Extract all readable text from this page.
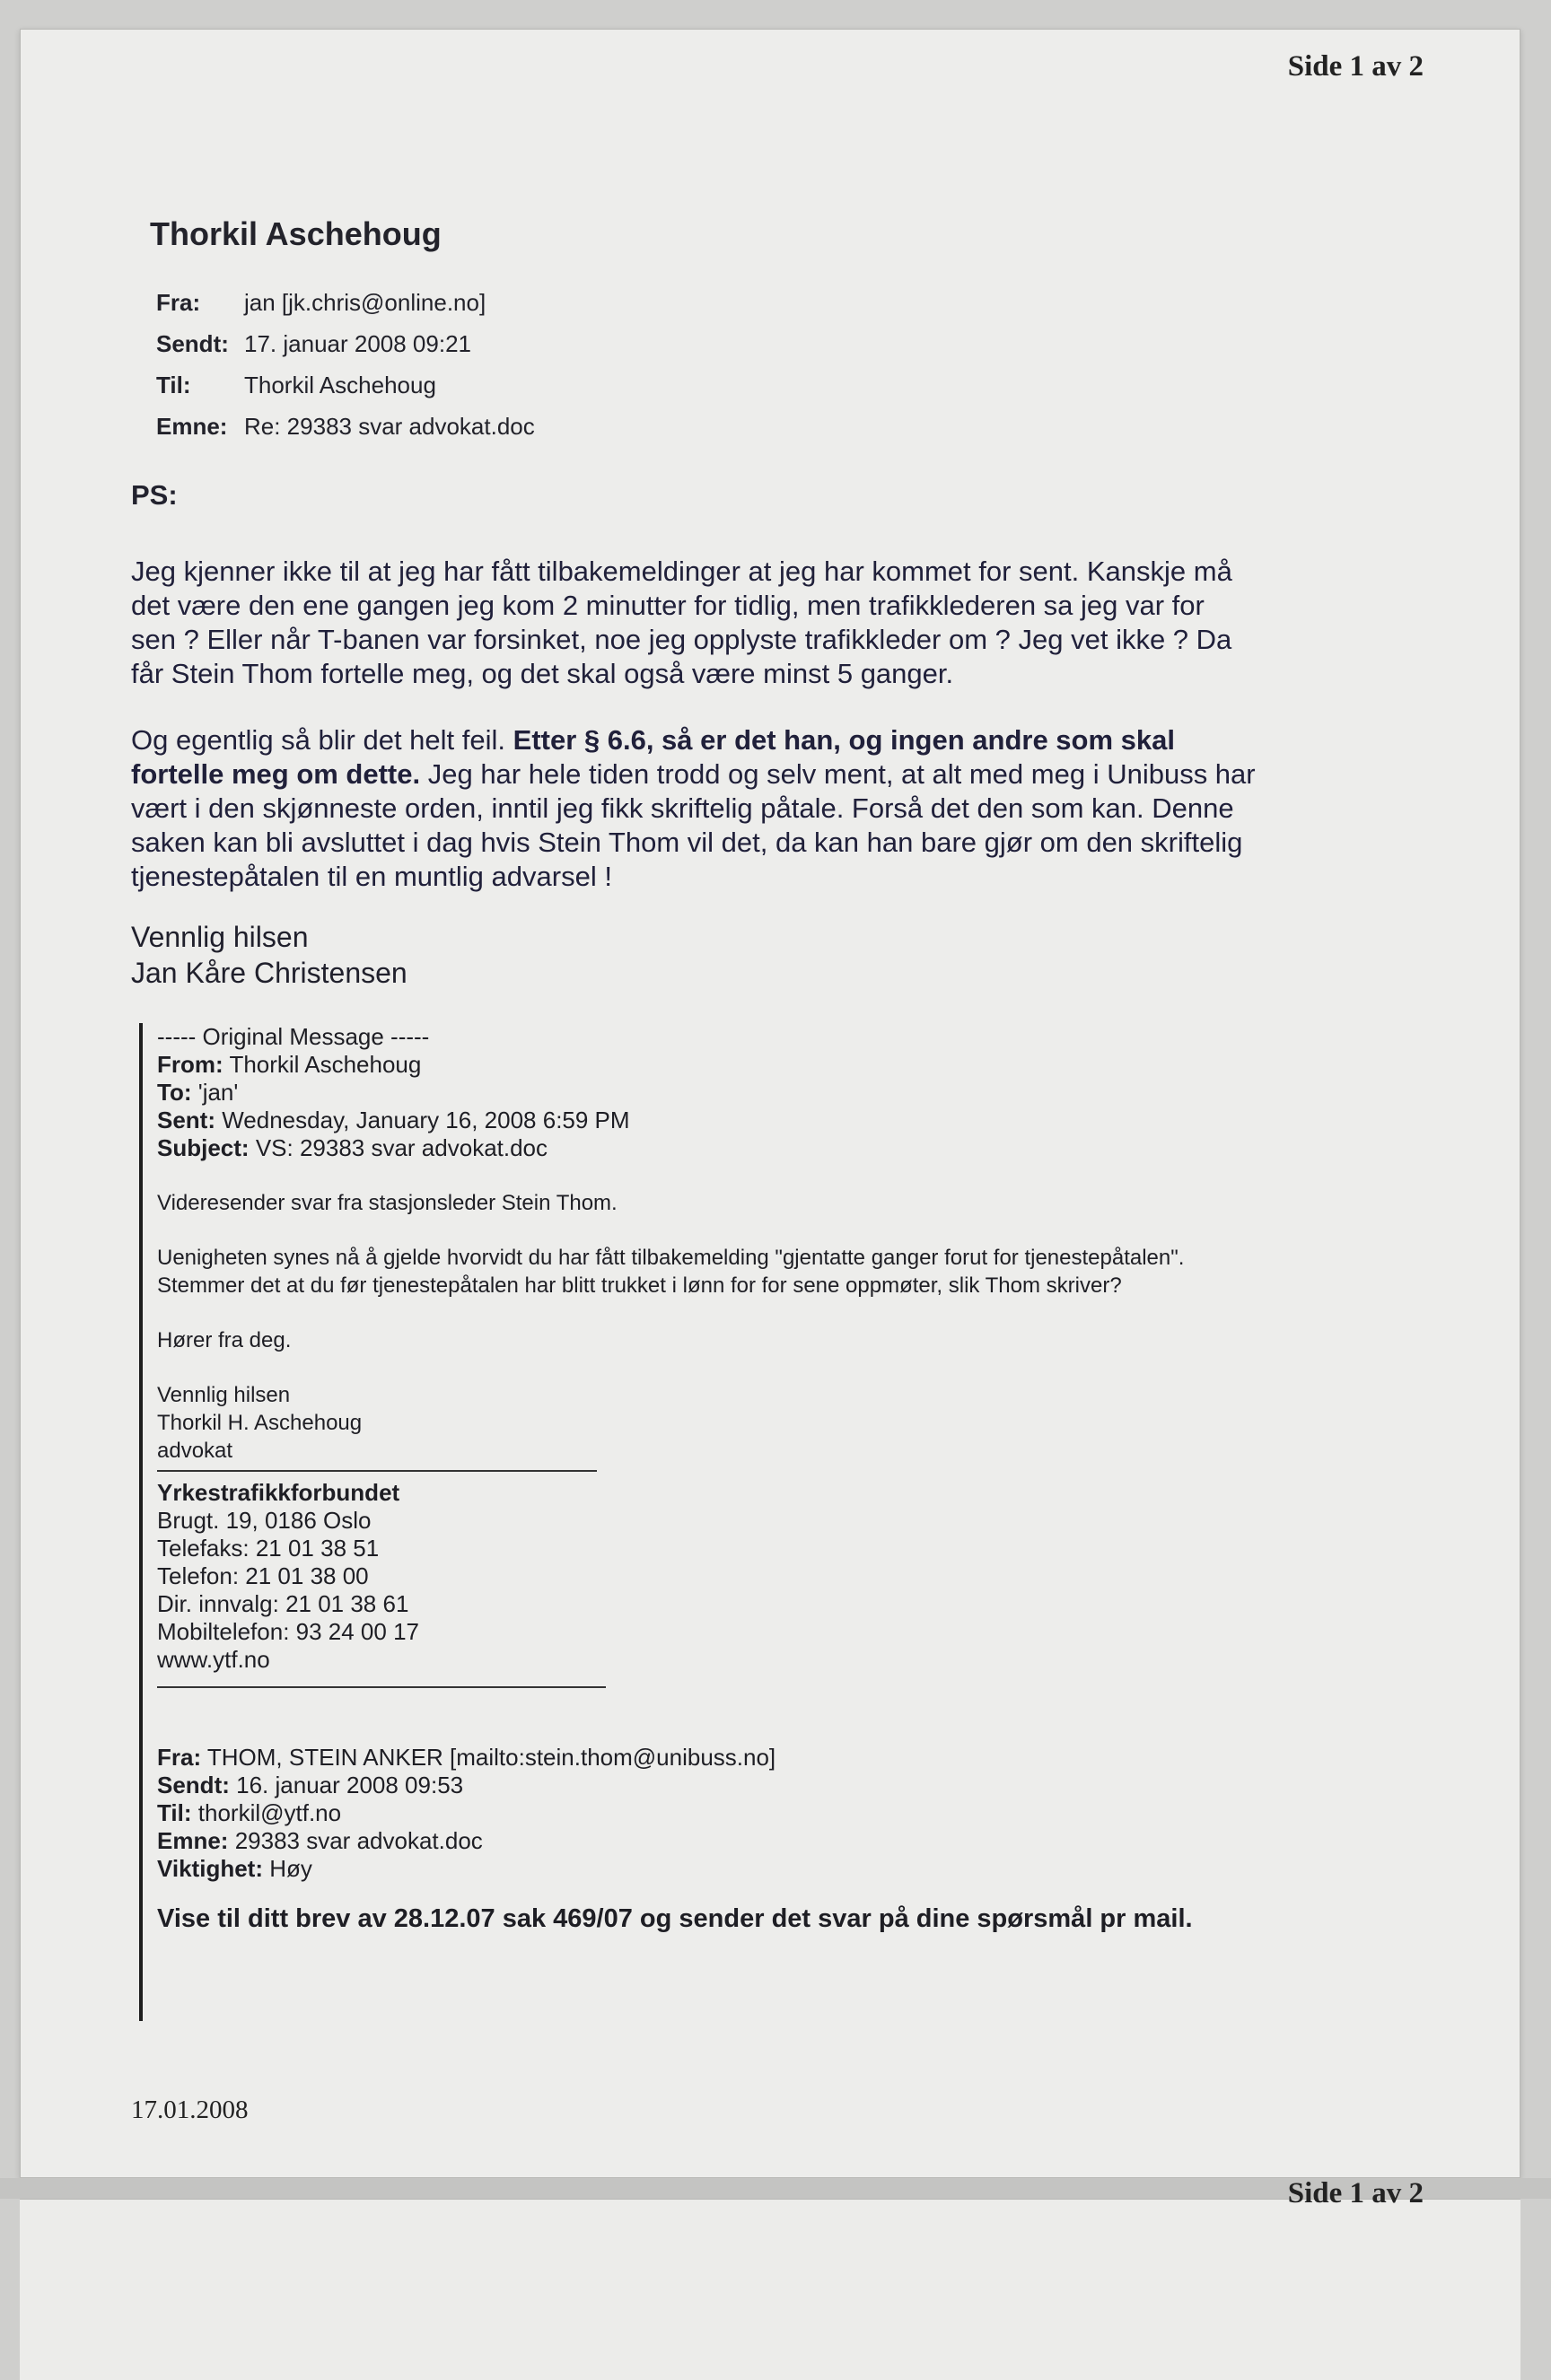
Side 1 av 2
Side 1 av 2
Thorkil Aschehoug
Fra: jan [jk.chris@online.no]
Sendt: 17. januar 2008 09:21
Til: Thorkil Aschehoug
Emne: Re: 29383 svar advokat.doc
PS:
Jeg kjenner ikke til at jeg har fått tilbakemeldinger at jeg har kommet for sent. Kanskje må
det være den ene gangen jeg kom 2 minutter for tidlig, men trafikklederen sa jeg var for
sen ? Eller når T-banen var forsinket, noe jeg opplyste trafikkleder om ? Jeg vet ikke ? Da
får Stein Thom fortelle meg, og det skal også være minst 5 ganger.
Og egentlig så blir det helt feil. Etter § 6.6, så er det han, og ingen andre som skal
fortelle meg om dette. Jeg har hele tiden trodd og selv ment, at alt med meg i Unibuss har
vært i den skjønneste orden, inntil jeg fikk skriftelig påtale. Forså det den som kan. Denne
saken kan bli avsluttet i dag hvis Stein Thom vil det, da kan han bare gjør om den skriftelig
tjenestepåtalen til en muntlig advarsel !
Vennlig hilsen
Jan Kåre Christensen
----- Original Message -----
From: Thorkil Aschehoug
To: 'jan'
Sent: Wednesday, January 16, 2008 6:59 PM
Subject: VS: 29383 svar advokat.doc
Videresender svar fra stasjonsleder Stein Thom.
Uenigheten synes nå å gjelde hvorvidt du har fått tilbakemelding "gjentatte ganger forut for tjenestepåtalen".
Stemmer det at du før tjenestepåtalen har blitt trukket i lønn for for sene oppmøter, slik Thom skriver?
Hører fra deg.
Vennlig hilsen
Thorkil H. Aschehoug
advokat
Yrkestrafikkforbundet
Brugt. 19, 0186 Oslo
Telefaks: 21 01 38 51
Telefon: 21 01 38 00
Dir. innvalg: 21 01 38 61
Mobiltelefon: 93 24 00 17
www.ytf.no
Fra: THOM, STEIN ANKER [mailto:stein.thom@unibuss.no]
Sendt: 16. januar 2008 09:53
Til: thorkil@ytf.no
Emne: 29383 svar advokat.doc
Viktighet: Høy
Vise til ditt brev av 28.12.07 sak 469/07 og sender det svar på dine spørsmål pr mail.
17.01.2008
